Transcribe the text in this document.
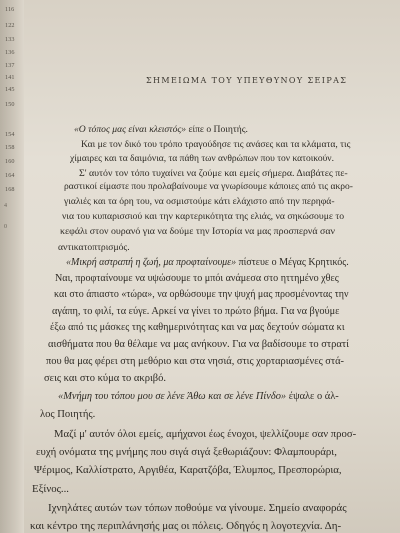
116
122
133
136
137
141
145
150
154
158
160
164
168
4
0
ΣΗΜΕΙΩΜΑ ΤΟΥ ΥΠΕΥΘΥΝΟΥ ΣΕΙΡΑΣ
«Ο τόπος μας είναι κλειστός» είπε ο Ποιητής.
Και με τον δικό του τρόπο τραγούδησε τις ανάσες και τα κλάματα, τις
χίμαιρες και τα δαιμόνια, τα πάθη των ανθρώπων που τον κατοικούν.
Σ' αυτόν τον τόπο τυχαίνει να ζούμε και εμείς σήμερα. Διαβάτες πε-
ραστικοί είμαστε που προλαβαίνουμε να γνωρίσουμε κάποιες από τις ακρο-
γιαλιές και τα όρη του, να οσμιστούμε κάτι ελάχιστο από την περηφά-
νια του κυπαρισσιού και την καρτερικότητα της ελιάς, να σηκώσουμε το
κεφάλι στον ουρανό για να δούμε την Ιστορία να μας προσπερνά σαν
αντικατοπτρισμός.
«Μικρή αστραπή η ζωή, μα προφταίνουμε» πίστευε ο Μέγας Κρητικός.
Ναι, προφταίνουμε να υψώσουμε το μπόι ανάμεσα στο ηττημένο χθες
και στο άπιαστο «τώρα», να ορθώσουμε την ψυχή μας προσμένοντας την
αγάπη, το φιλί, τα εύγε. Αρκεί να γίνει το πρώτο βήμα. Για να βγούμε
έξω από τις μάσκες της καθημερινότητας και να μας δεχτούν σώματα κι
αισθήματα που θα θέλαμε να μας ανήκουν. Για να βαδίσουμε το στρατί
που θα μας φέρει στη μεθόριο και στα νησιά, στις χορταριασμένες στά-
σεις και στο κύμα το ακριβό.
«Μνήμη του τόπου μου σε λένε Άθω και σε λένε Πίνδο» έψαλε ο άλ-
λος Ποιητής.
Μαζί μ' αυτόν όλοι εμείς, αμήχανοι έως ένοχοι, ψελλίζουμε σαν προσ-
ευχή ονόματα της μνήμης που σιγά σιγά ξεθωριάζουν: Φλαμπουράρι,
Ψέριμος, Καλλίστρατο, Αργιθέα, Καρατζόβα, Έλυμπος, Πρεσπορώρια,
Εξίνος...
Ιχνηλάτες αυτών των τόπων ποθούμε να γίνουμε. Σημείο αναφοράς
και κέντρο της περιπλάνησής μας οι πόλεις. Οδηγός η λογοτεχνία. Δη-
